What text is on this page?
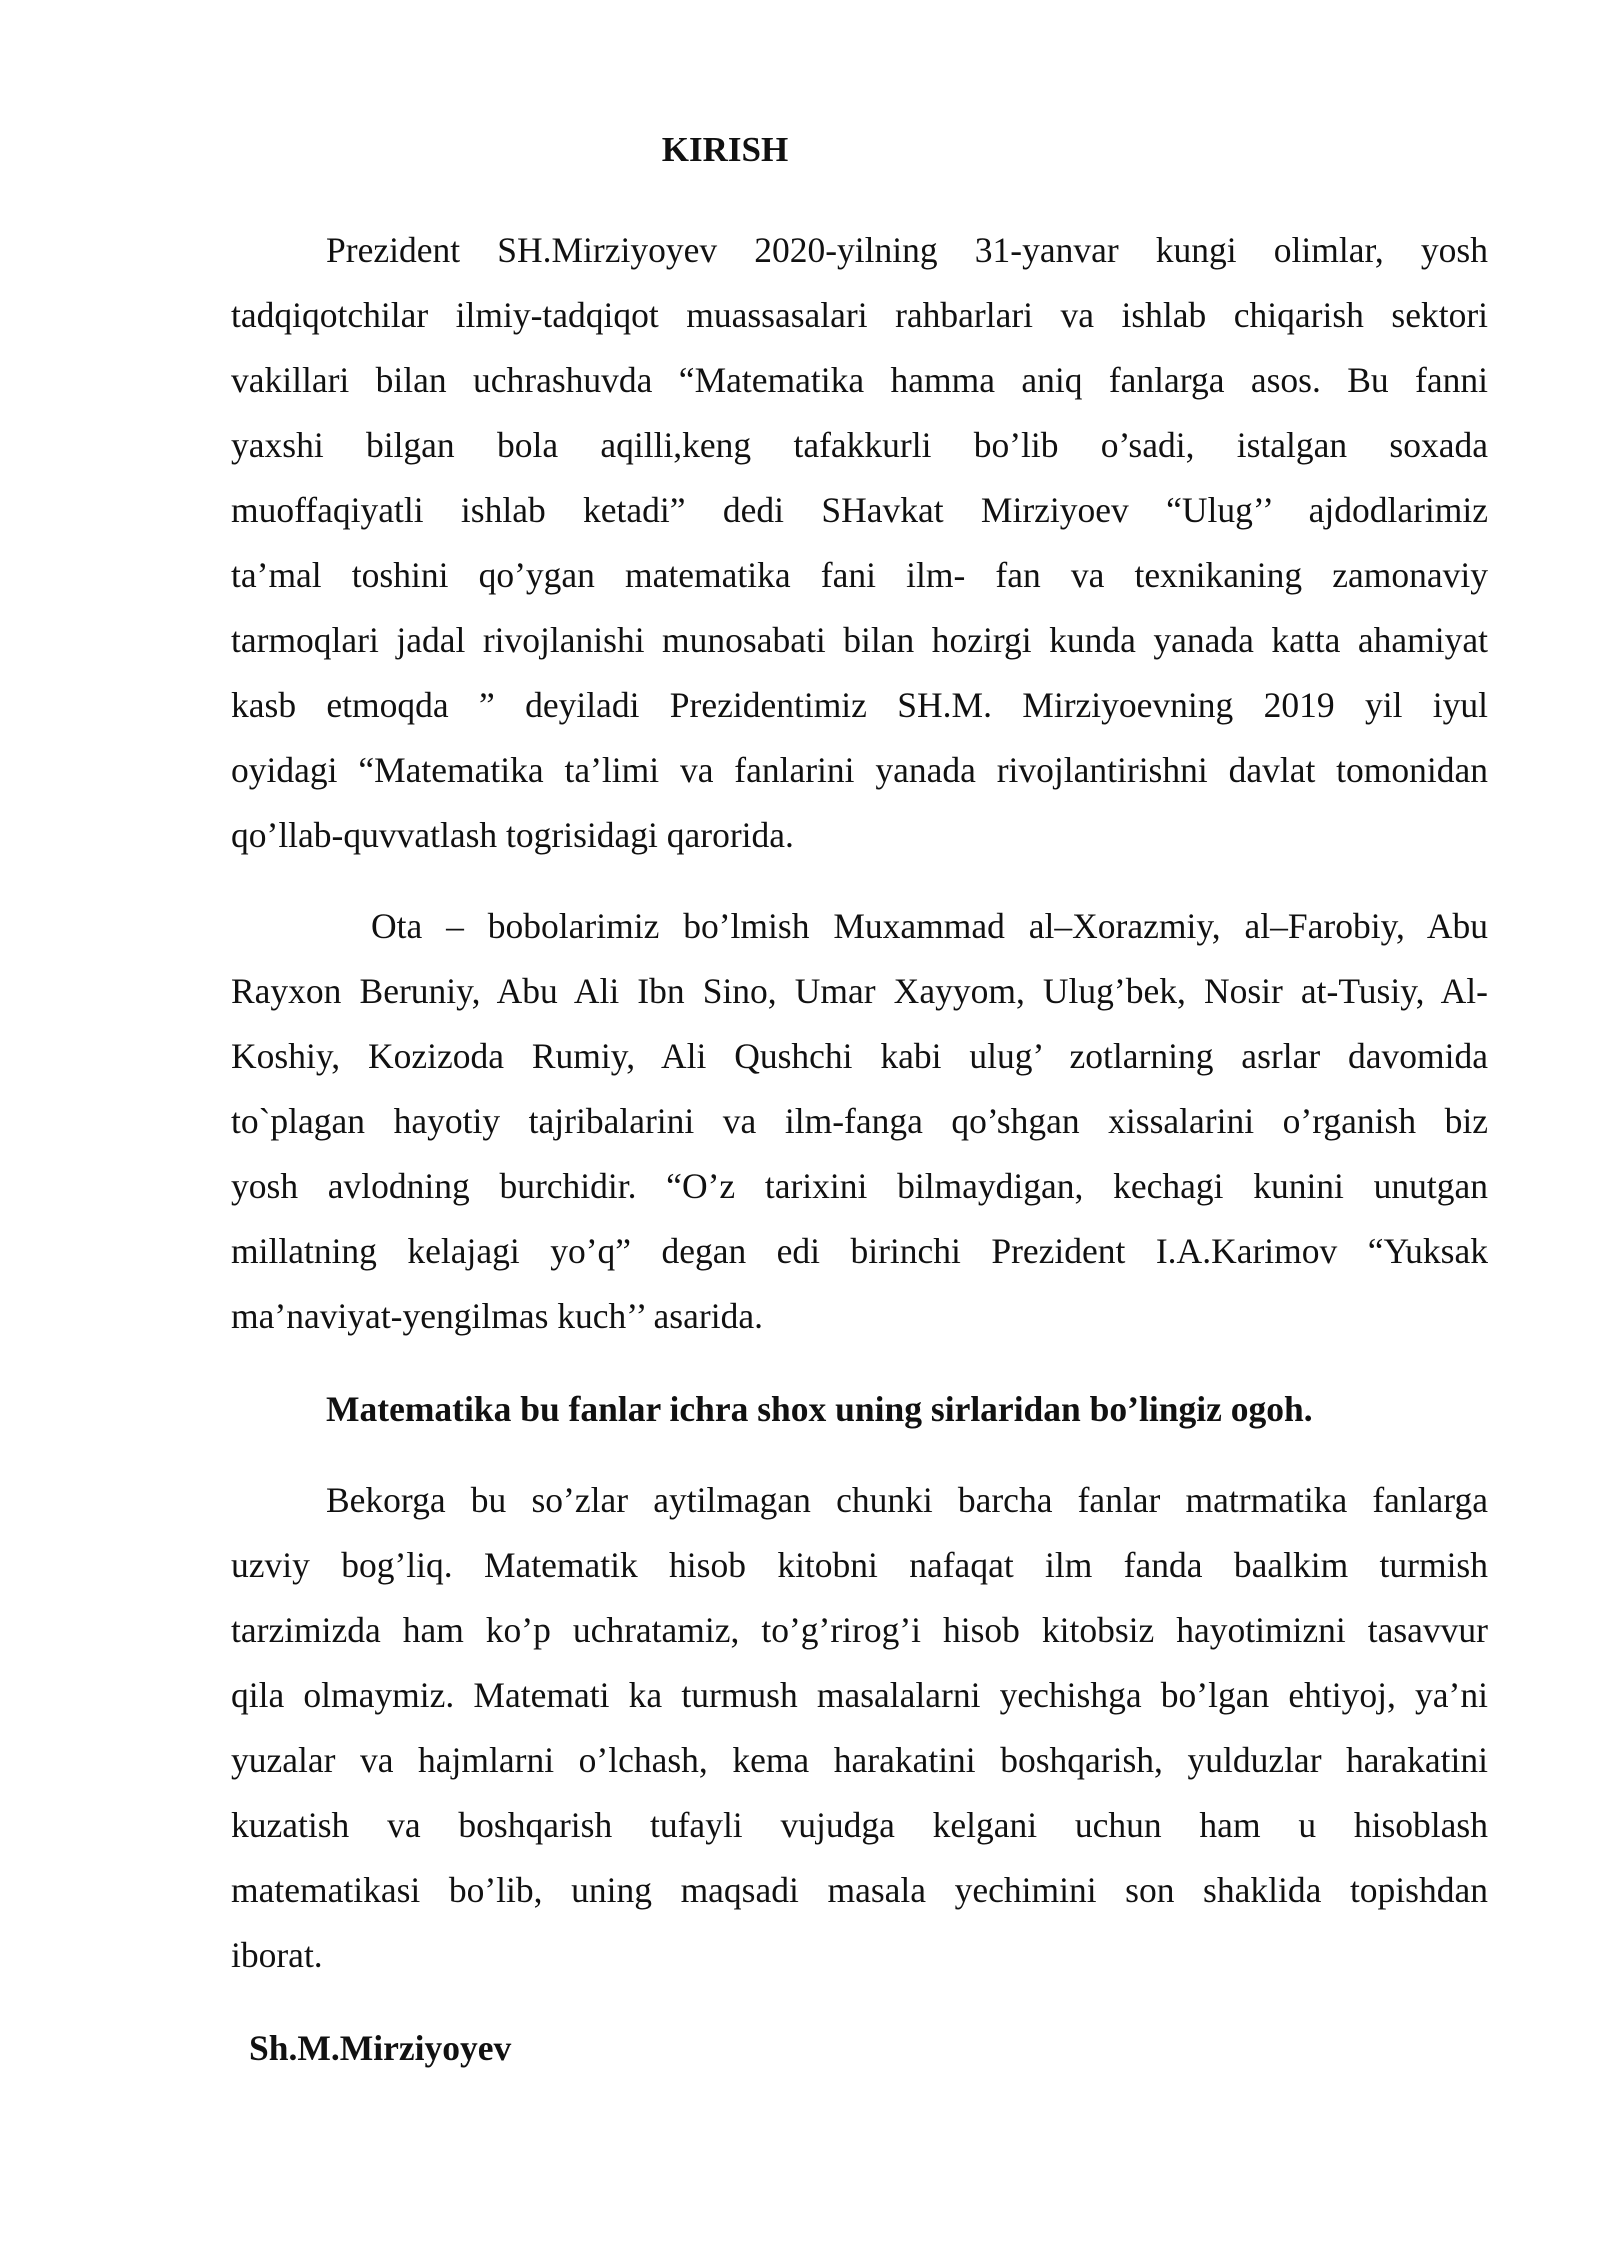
KIRISH
Prezident SH.Mirziyoyev 2020-yilning 31-yanvar kungi olimlar, yosh
tadqiqotchilar ilmiy-tadqiqot muassasalari rahbarlari va ishlab chiqarish sektori
vakillari bilan uchrashuvda “Matematika hamma aniq fanlarga asos. Bu fanni
yaxshi bilgan bola aqilli,keng tafakkurli bo’lib o’sadi, istalgan soxada
muoffaqiyatli ishlab ketadi” dedi SHavkat Mirziyoev “Ulug’’ ajdodlarimiz
ta’mal toshini qo’ygan matematika fani ilm- fan va texnikaning zamonaviy
tarmoqlari jadal rivojlanishi munosabati bilan hozirgi kunda yanada katta ahamiyat
kasb etmoqda ” deyiladi Prezidentimiz SH.M. Mirziyoevning 2019 yil iyul
oyidagi “Matematika ta’limi va fanlarini yanada rivojlantirishni davlat tomonidan
qo’llab-quvvatlash togrisidagi qarorida.
Ota – bobolarimiz bo’lmish Muxammad al–Xorazmiy, al–Farobiy, Abu
Rayxon Beruniy, Abu Ali Ibn Sino, Umar Xayyom, Ulug’bek, Nosir at-Tusiy, Al-
Koshiy, Kozizoda Rumiy, Ali Qushchi kabi ulug’ zotlarning asrlar davomida
to`plagan hayotiy tajribalarini va ilm-fanga qo’shgan xissalarini o’rganish biz
yosh avlodning burchidir. “O’z tarixini bilmaydigan, kechagi kunini unutgan
millatning kelajagi yo’q” degan edi birinchi Prezident I.A.Karimov “Yuksak
ma’naviyat-yengilmas kuch’’ asarida.
Matematika bu fanlar ichra shox uning sirlaridan bo’lingiz ogoh.
Bekorga bu so’zlar aytilmagan chunki barcha fanlar matrmatika fanlarga
uzviy bog’liq. Matematik hisob kitobni nafaqat ilm fanda baalkim turmish
tarzimizda ham ko’p uchratamiz, to’g’rirog’i hisob kitobsiz hayotimizni tasavvur
qila olmaymiz. Matemati ka turmush masalalarni yechishga bo’lgan ehtiyoj, ya’ni
yuzalar va hajmlarni o’lchash, kema harakatini boshqarish, yulduzlar harakatini
kuzatish va boshqarish tufayli vujudga kelgani uchun ham u hisoblash
matematikasi bo’lib, uning maqsadi masala yechimini son shaklida topishdan
iborat.
Sh.M.Mirziyoyev
